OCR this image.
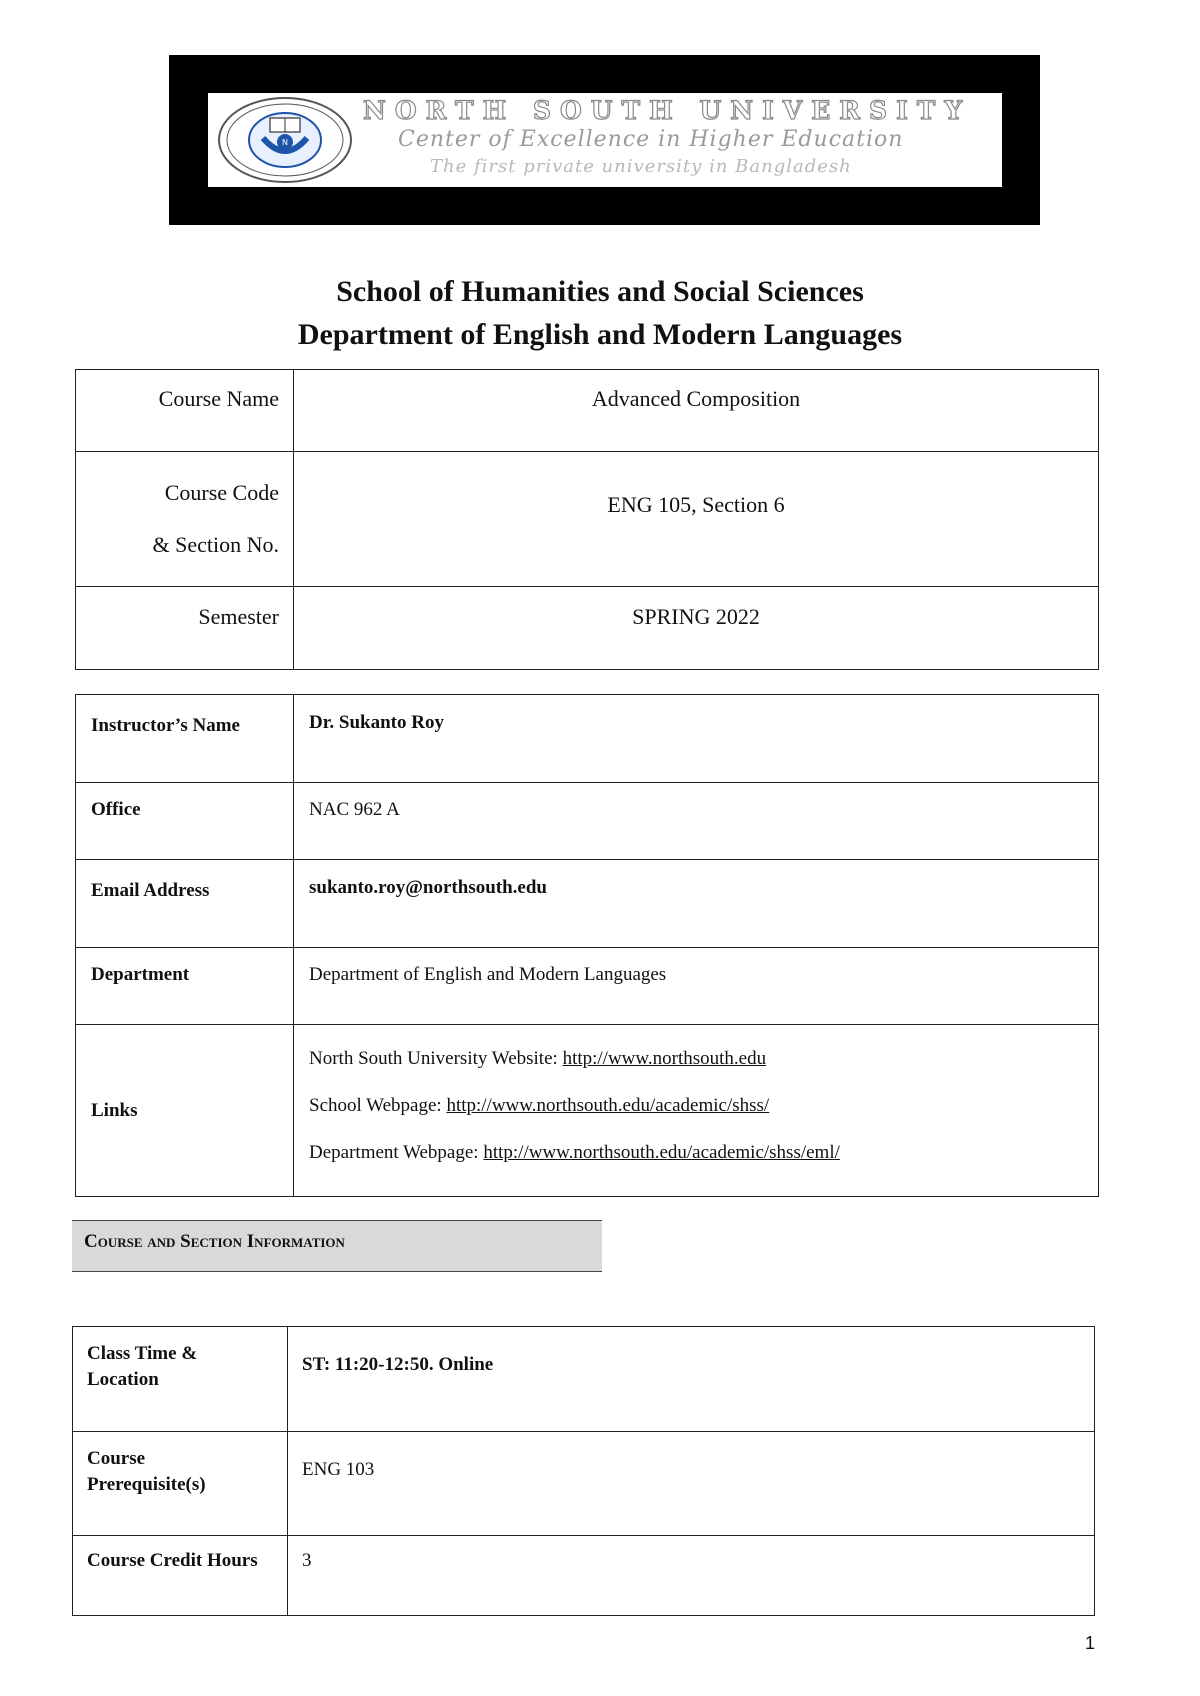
N
NORTH SOUTH UNIVERSITY
Center of Excellence in Higher Education
The first private university in Bangladesh
School of Humanities and Social Sciences
Department of English and Modern Languages
Course Name	Advanced Composition

Course Code
& Section No.	ENG 105, Section 6
Semester	SPRING 2022
Instructor’s Name	Dr. Sukanto Roy
Office	NAC 962 A
Email Address	sukanto.roy@northsouth.edu
Department	Department of English and Modern Languages
Links	North South University Website: http://www.northsouth.edu

School Webpage: http://www.northsouth.edu/academic/shss/

Department Webpage: http://www.northsouth.edu/academic/shss/eml/

Course and Section Information
Class Time &
Location	ST: 11:20-12:50. Online

Course
Prerequisite(s)	ENG 103
Course Credit Hours	3
1
